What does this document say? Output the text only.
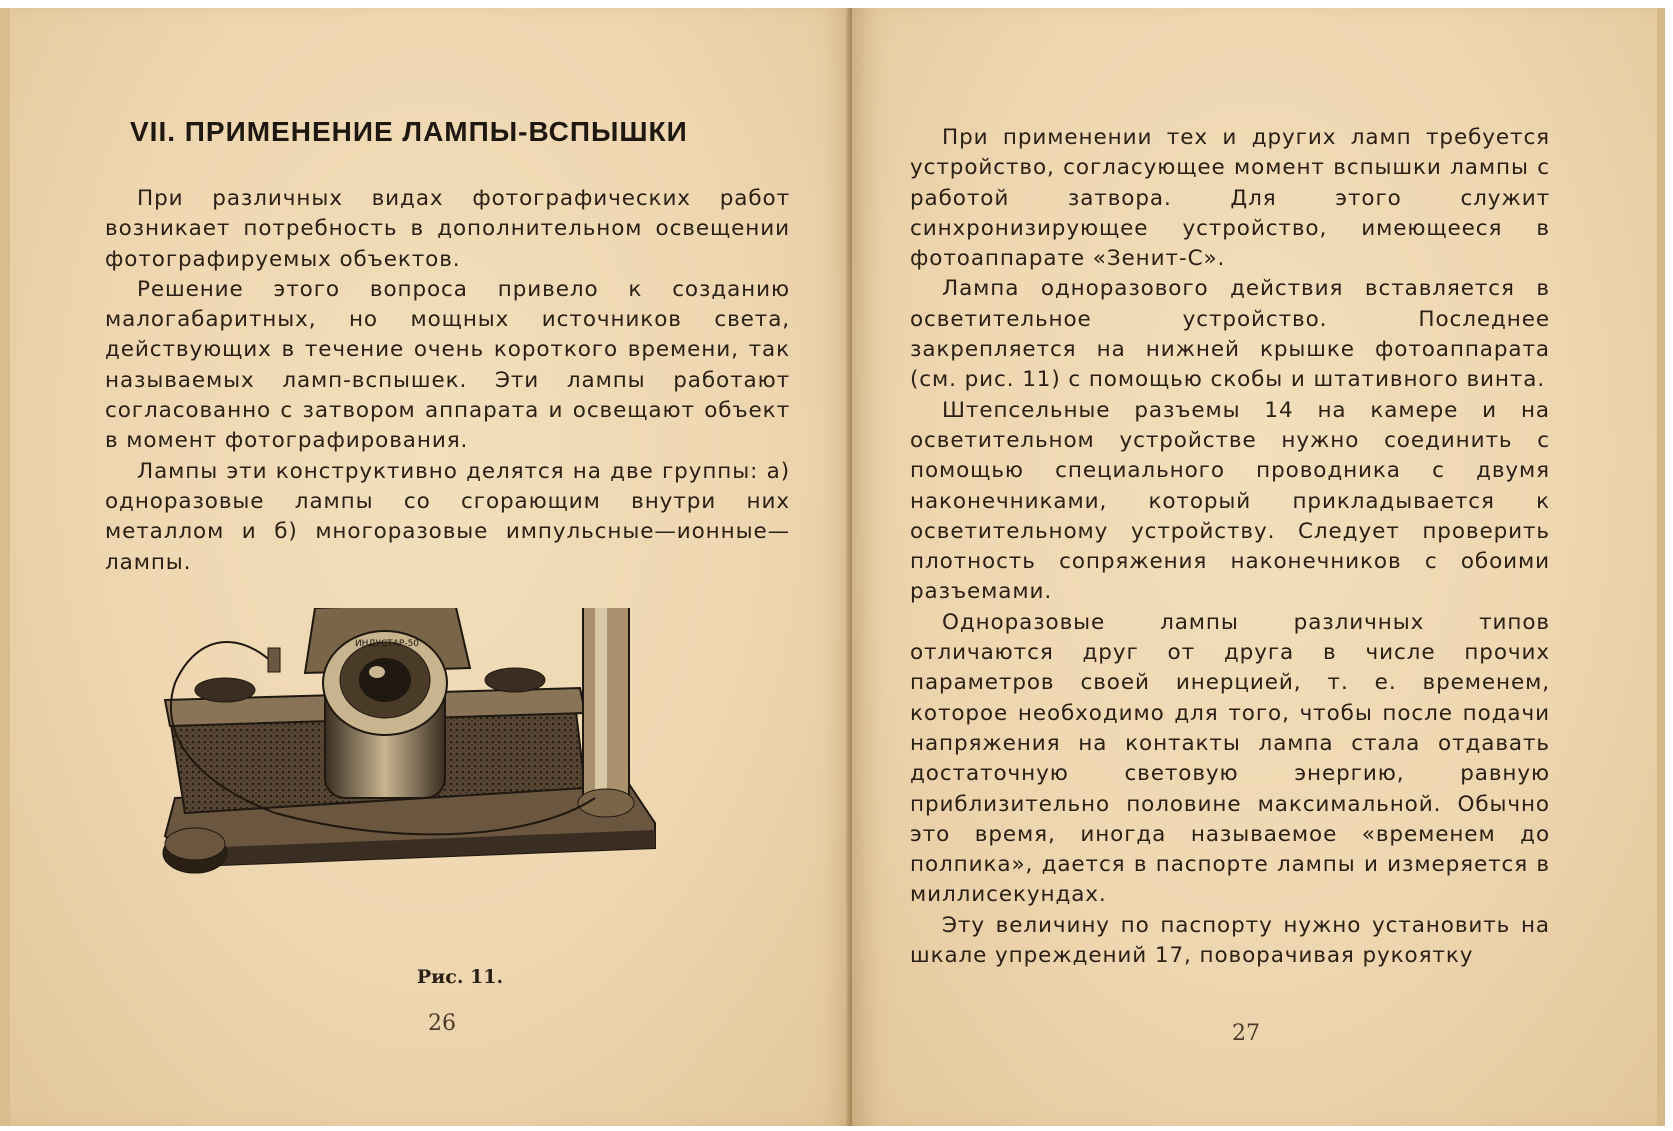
VII. ПРИМЕНЕНИЕ ЛАМПЫ-ВСПЫШКИ

При различных видах фотографических работ возникает потребность в дополнительном освещении фотографируемых объектов.

Решение этого вопроса привело к созданию малогабаритных, но мощных источников света, действующих в течение очень короткого времени, так называемых ламп-вспышек. Эти лампы работают согласованно с затвором аппарата и освещают объект в момент фотографирования.

Лампы эти конструктивно делятся на две группы: а) одноразовые лампы со сгорающим внутри них металлом и б) многоразовые импульсные—ионные—лампы.

ИНДУСТАР-50
Рис. 11.
26

При применении тех и других ламп требуется устройство, согласующее момент вспышки лампы с работой затвора. Для этого служит синхронизирующее устройство, имеющееся в фотоаппарате «Зенит-С».

Лампа одноразового действия вставляется в осветительное устройство. Последнее закрепляется на нижней крышке фотоаппарата (см. рис. 11) с помощью скобы и штативного винта.

Штепсельные разъемы 14 на камере и на осветительном устройстве нужно соединить с помощью специального проводника с двумя наконечниками, который прикладывается к осветительному устройству. Следует проверить плотность сопряжения наконечников с обоими разъемами.

Одноразовые лампы различных типов отличаются друг от друга в числе прочих параметров своей инерцией, т. е. временем, которое необходимо для того, чтобы после подачи напряжения на контакты лампа стала отдавать достаточную световую энергию, равную приблизительно половине максимальной. Обычно это время, иногда называемое «временем до полпика», дается в паспорте лампы и измеряется в миллисекундах.

Эту величину по паспорту нужно установить на шкале упреждений 17, поворачивая рукоятку

27
